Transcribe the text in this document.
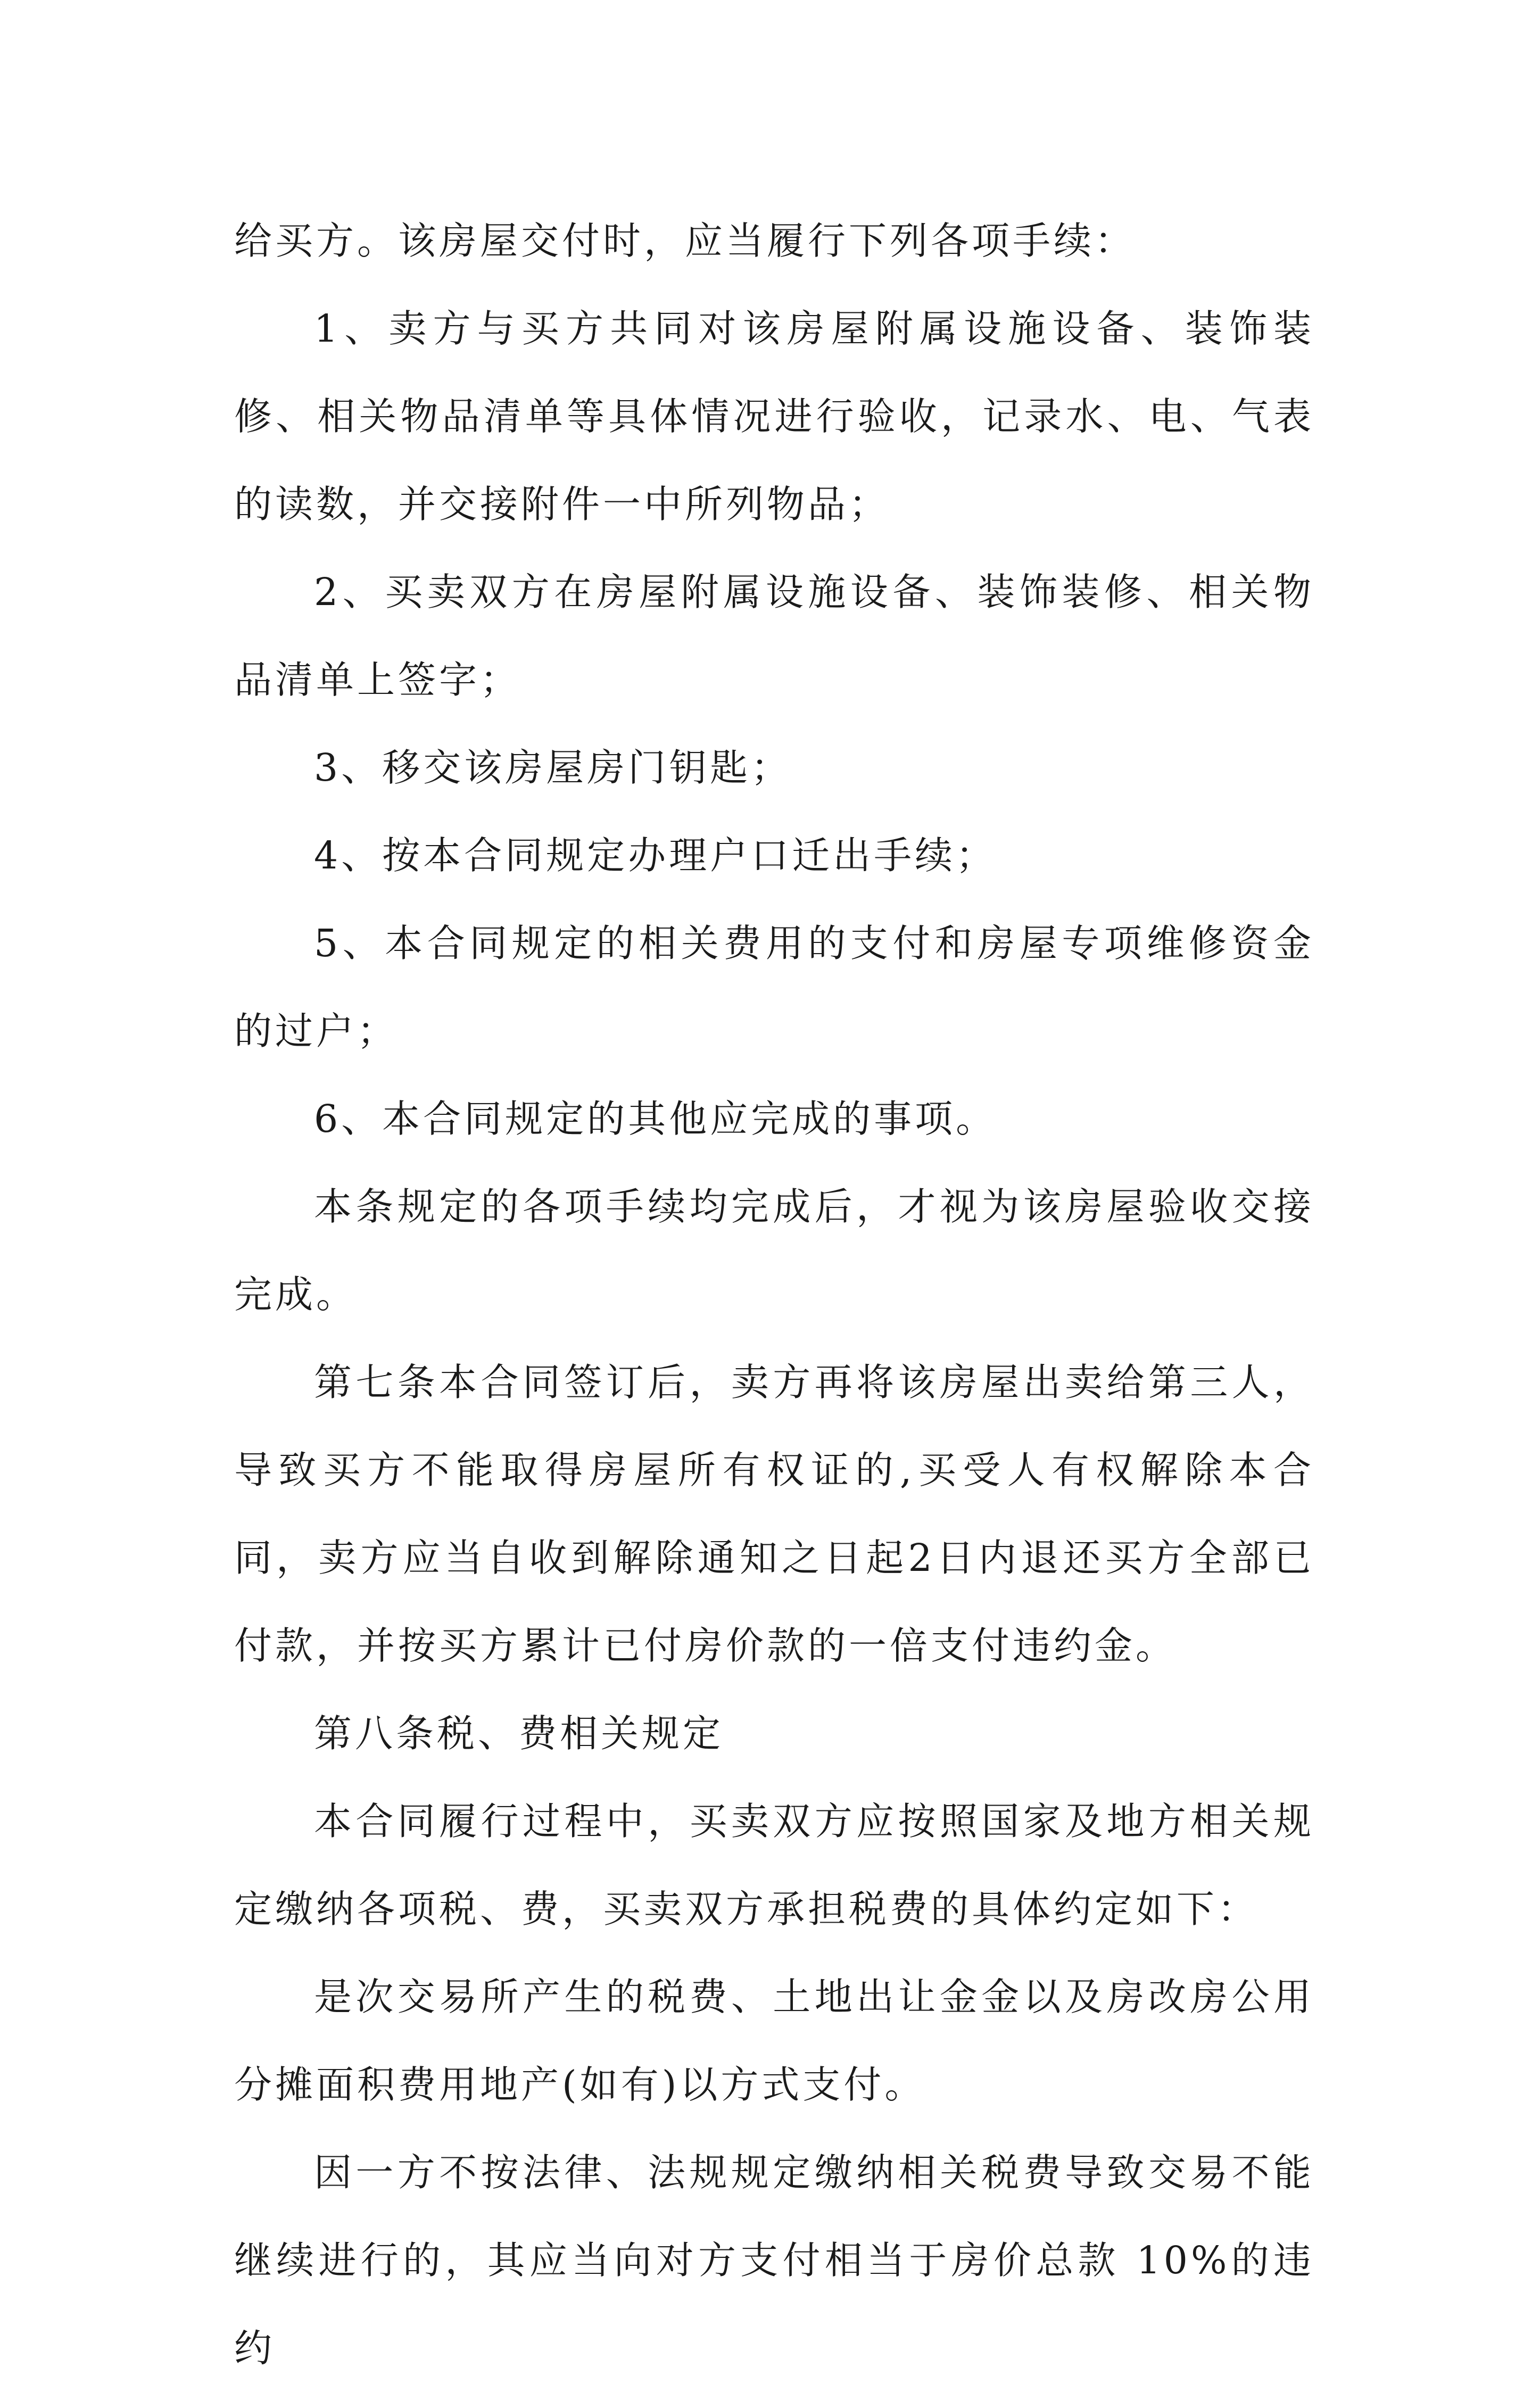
给买方。该房屋交付时，应当履行下列各项手续：

1、卖方与买方共同对该房屋附属设施设备、装饰装修、相关物品清单等具体情况进行验收，记录水、电、气表的读数，并交接附件一中所列物品；

2、买卖双方在房屋附属设施设备、装饰装修、相关物品清单上签字；

3、移交该房屋房门钥匙；

4、按本合同规定办理户口迁出手续；

5、本合同规定的相关费用的支付和房屋专项维修资金的过户；

6、本合同规定的其他应完成的事项。

本条规定的各项手续均完成后，才视为该房屋验收交接完成。

第七条本合同签订后，卖方再将该房屋出卖给第三人，导致买方不能取得房屋所有权证的,买受人有权解除本合同，卖方应当自收到解除通知之日起2日内退还买方全部已付款，并按买方累计已付房价款的一倍支付违约金。

第八条税、费相关规定

本合同履行过程中，买卖双方应按照国家及地方相关规定缴纳各项税、费，买卖双方承担税费的具体约定如下：

是次交易所产生的税费、土地出让金金以及房改房公用分摊面积费用地产(如有)以方式支付。

因一方不按法律、法规规定缴纳相关税费导致交易不能继续进行的，其应当向对方支付相当于房价总款 10%的违约
